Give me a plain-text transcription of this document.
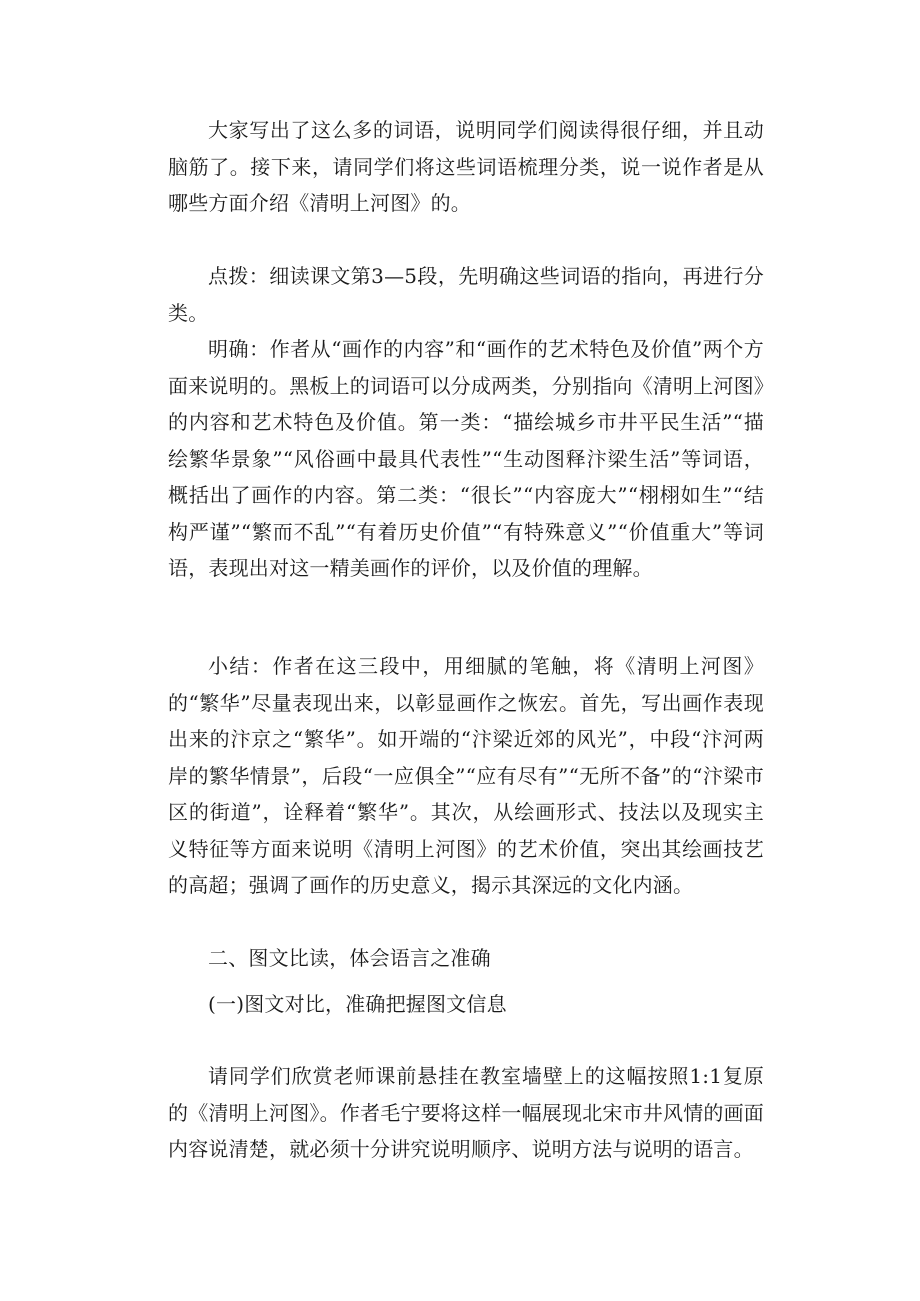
大家写出了这么多的词语，说明同学们阅读得很仔细，并且动脑筋了。接下来，请同学们将这些词语梳理分类，说一说作者是从哪些方面介绍《清明上河图》的。

点拨：细读课文第3—5段，先明确这些词语的指向，再进行分类。

明确：作者从“画作的内容”和“画作的艺术特色及价值”两个方面来说明的。黑板上的词语可以分成两类，分别指向《清明上河图》的内容和艺术特色及价值。第一类：“描绘城乡市井平民生活”“描绘繁华景象”“风俗画中最具代表性”“生动图释汴梁生活”等词语，概括出了画作的内容。第二类：“很长”“内容庞大”“栩栩如生”“结构严谨”“繁而不乱”“有着历史价值”“有特殊意义”“价值重大”等词语，表现出对这一精美画作的评价，以及价值的理解。

小结：作者在这三段中，用细腻的笔触，将《清明上河图》的“繁华”尽量表现出来，以彰显画作之恢宏。首先，写出画作表现出来的汴京之“繁华”。如开端的“汴梁近郊的风光”，中段“汴河两岸的繁华情景”，后段“一应俱全”“应有尽有”“无所不备”的“汴梁市区的街道”，诠释着“繁华”。其次，从绘画形式、技法以及现实主义特征等方面来说明《清明上河图》的艺术价值，突出其绘画技艺的高超；强调了画作的历史意义，揭示其深远的文化内涵。

二、图文比读，体会语言之准确

(一)图文对比，准确把握图文信息

请同学们欣赏老师课前悬挂在教室墙壁上的这幅按照1:1复原的《清明上河图》。作者毛宁要将这样一幅展现北宋市井风情的画面内容说清楚，就必须十分讲究说明顺序、说明方法与说明的语言。
